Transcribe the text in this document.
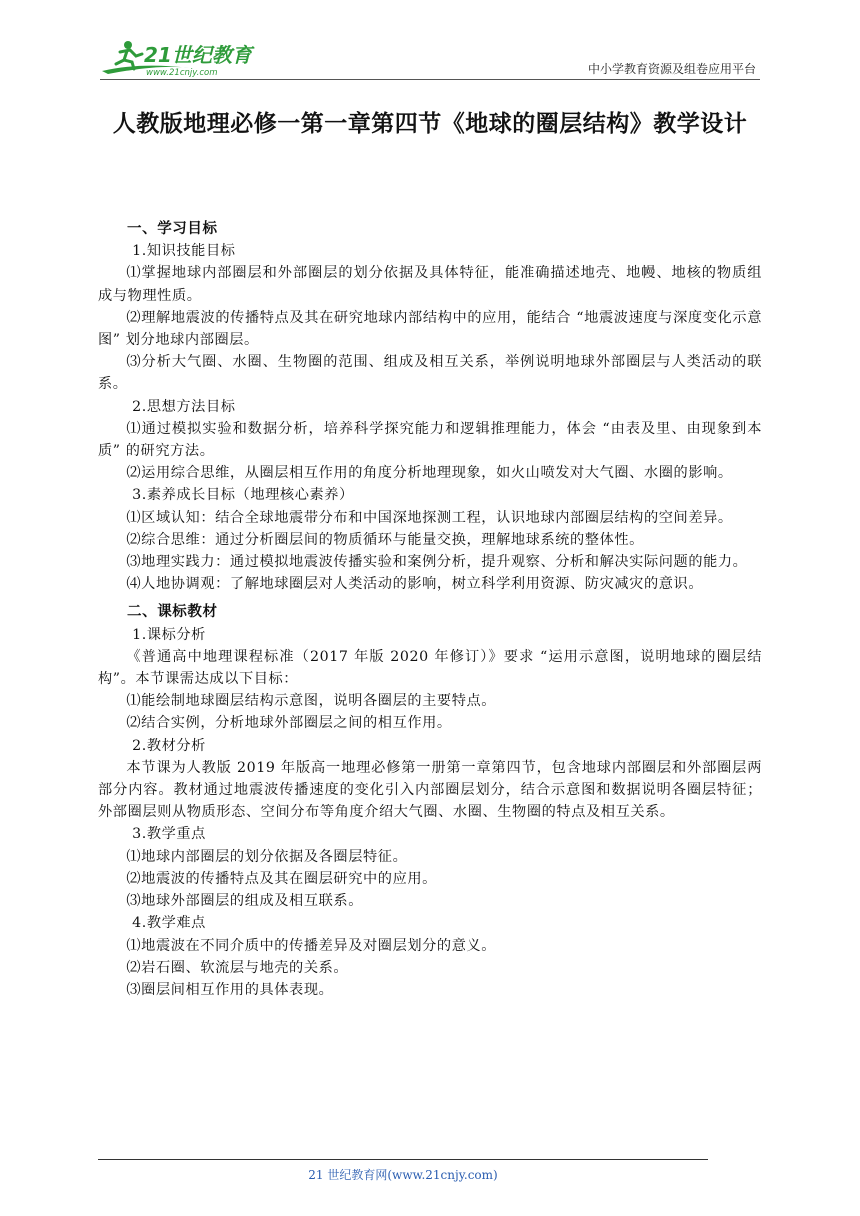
21世纪教育
www.21cnjy.com	中小学教育资源及组卷应用平台
人教版地理必修一第一章第四节《地球的圈层结构》教学设计

一、学习目标

1.知识技能目标

⑴掌握地球内部圈层和外部圈层的划分依据及具体特征，能准确描述地壳、地幔、地核的物质组成与物理性质。

⑵理解地震波的传播特点及其在研究地球内部结构中的应用，能结合 “地震波速度与深度变化示意图” 划分地球内部圈层。

⑶分析大气圈、水圈、生物圈的范围、组成及相互关系，举例说明地球外部圈层与人类活动的联系。

2.思想方法目标

⑴通过模拟实验和数据分析，培养科学探究能力和逻辑推理能力，体会 “由表及里、由现象到本质” 的研究方法。

⑵运用综合思维，从圈层相互作用的角度分析地理现象，如火山喷发对大气圈、水圈的影响。

3.素养成长目标（地理核心素养）

⑴区域认知：结合全球地震带分布和中国深地探测工程，认识地球内部圈层结构的空间差异。

⑵综合思维：通过分析圈层间的物质循环与能量交换，理解地球系统的整体性。

⑶地理实践力：通过模拟地震波传播实验和案例分析，提升观察、分析和解决实际问题的能力。

⑷人地协调观：了解地球圈层对人类活动的影响，树立科学利用资源、防灾减灾的意识。

二、课标教材

1.课标分析

《普通高中地理课程标准（2017 年版 2020 年修订）》要求 “运用示意图，说明地球的圈层结构”。本节课需达成以下目标：

⑴能绘制地球圈层结构示意图，说明各圈层的主要特点。

⑵结合实例，分析地球外部圈层之间的相互作用。

2.教材分析

本节课为人教版 2019 年版高一地理必修第一册第一章第四节，包含地球内部圈层和外部圈层两部分内容。教材通过地震波传播速度的变化引入内部圈层划分，结合示意图和数据说明各圈层特征；外部圈层则从物质形态、空间分布等角度介绍大气圈、水圈、生物圈的特点及相互关系。

3.教学重点

⑴地球内部圈层的划分依据及各圈层特征。

⑵地震波的传播特点及其在圈层研究中的应用。

⑶地球外部圈层的组成及相互联系。

4.教学难点

⑴地震波在不同介质中的传播差异及对圈层划分的意义。

⑵岩石圈、软流层与地壳的关系。

⑶圈层间相互作用的具体表现。

21 世纪教育网(www.21cnjy.com)
